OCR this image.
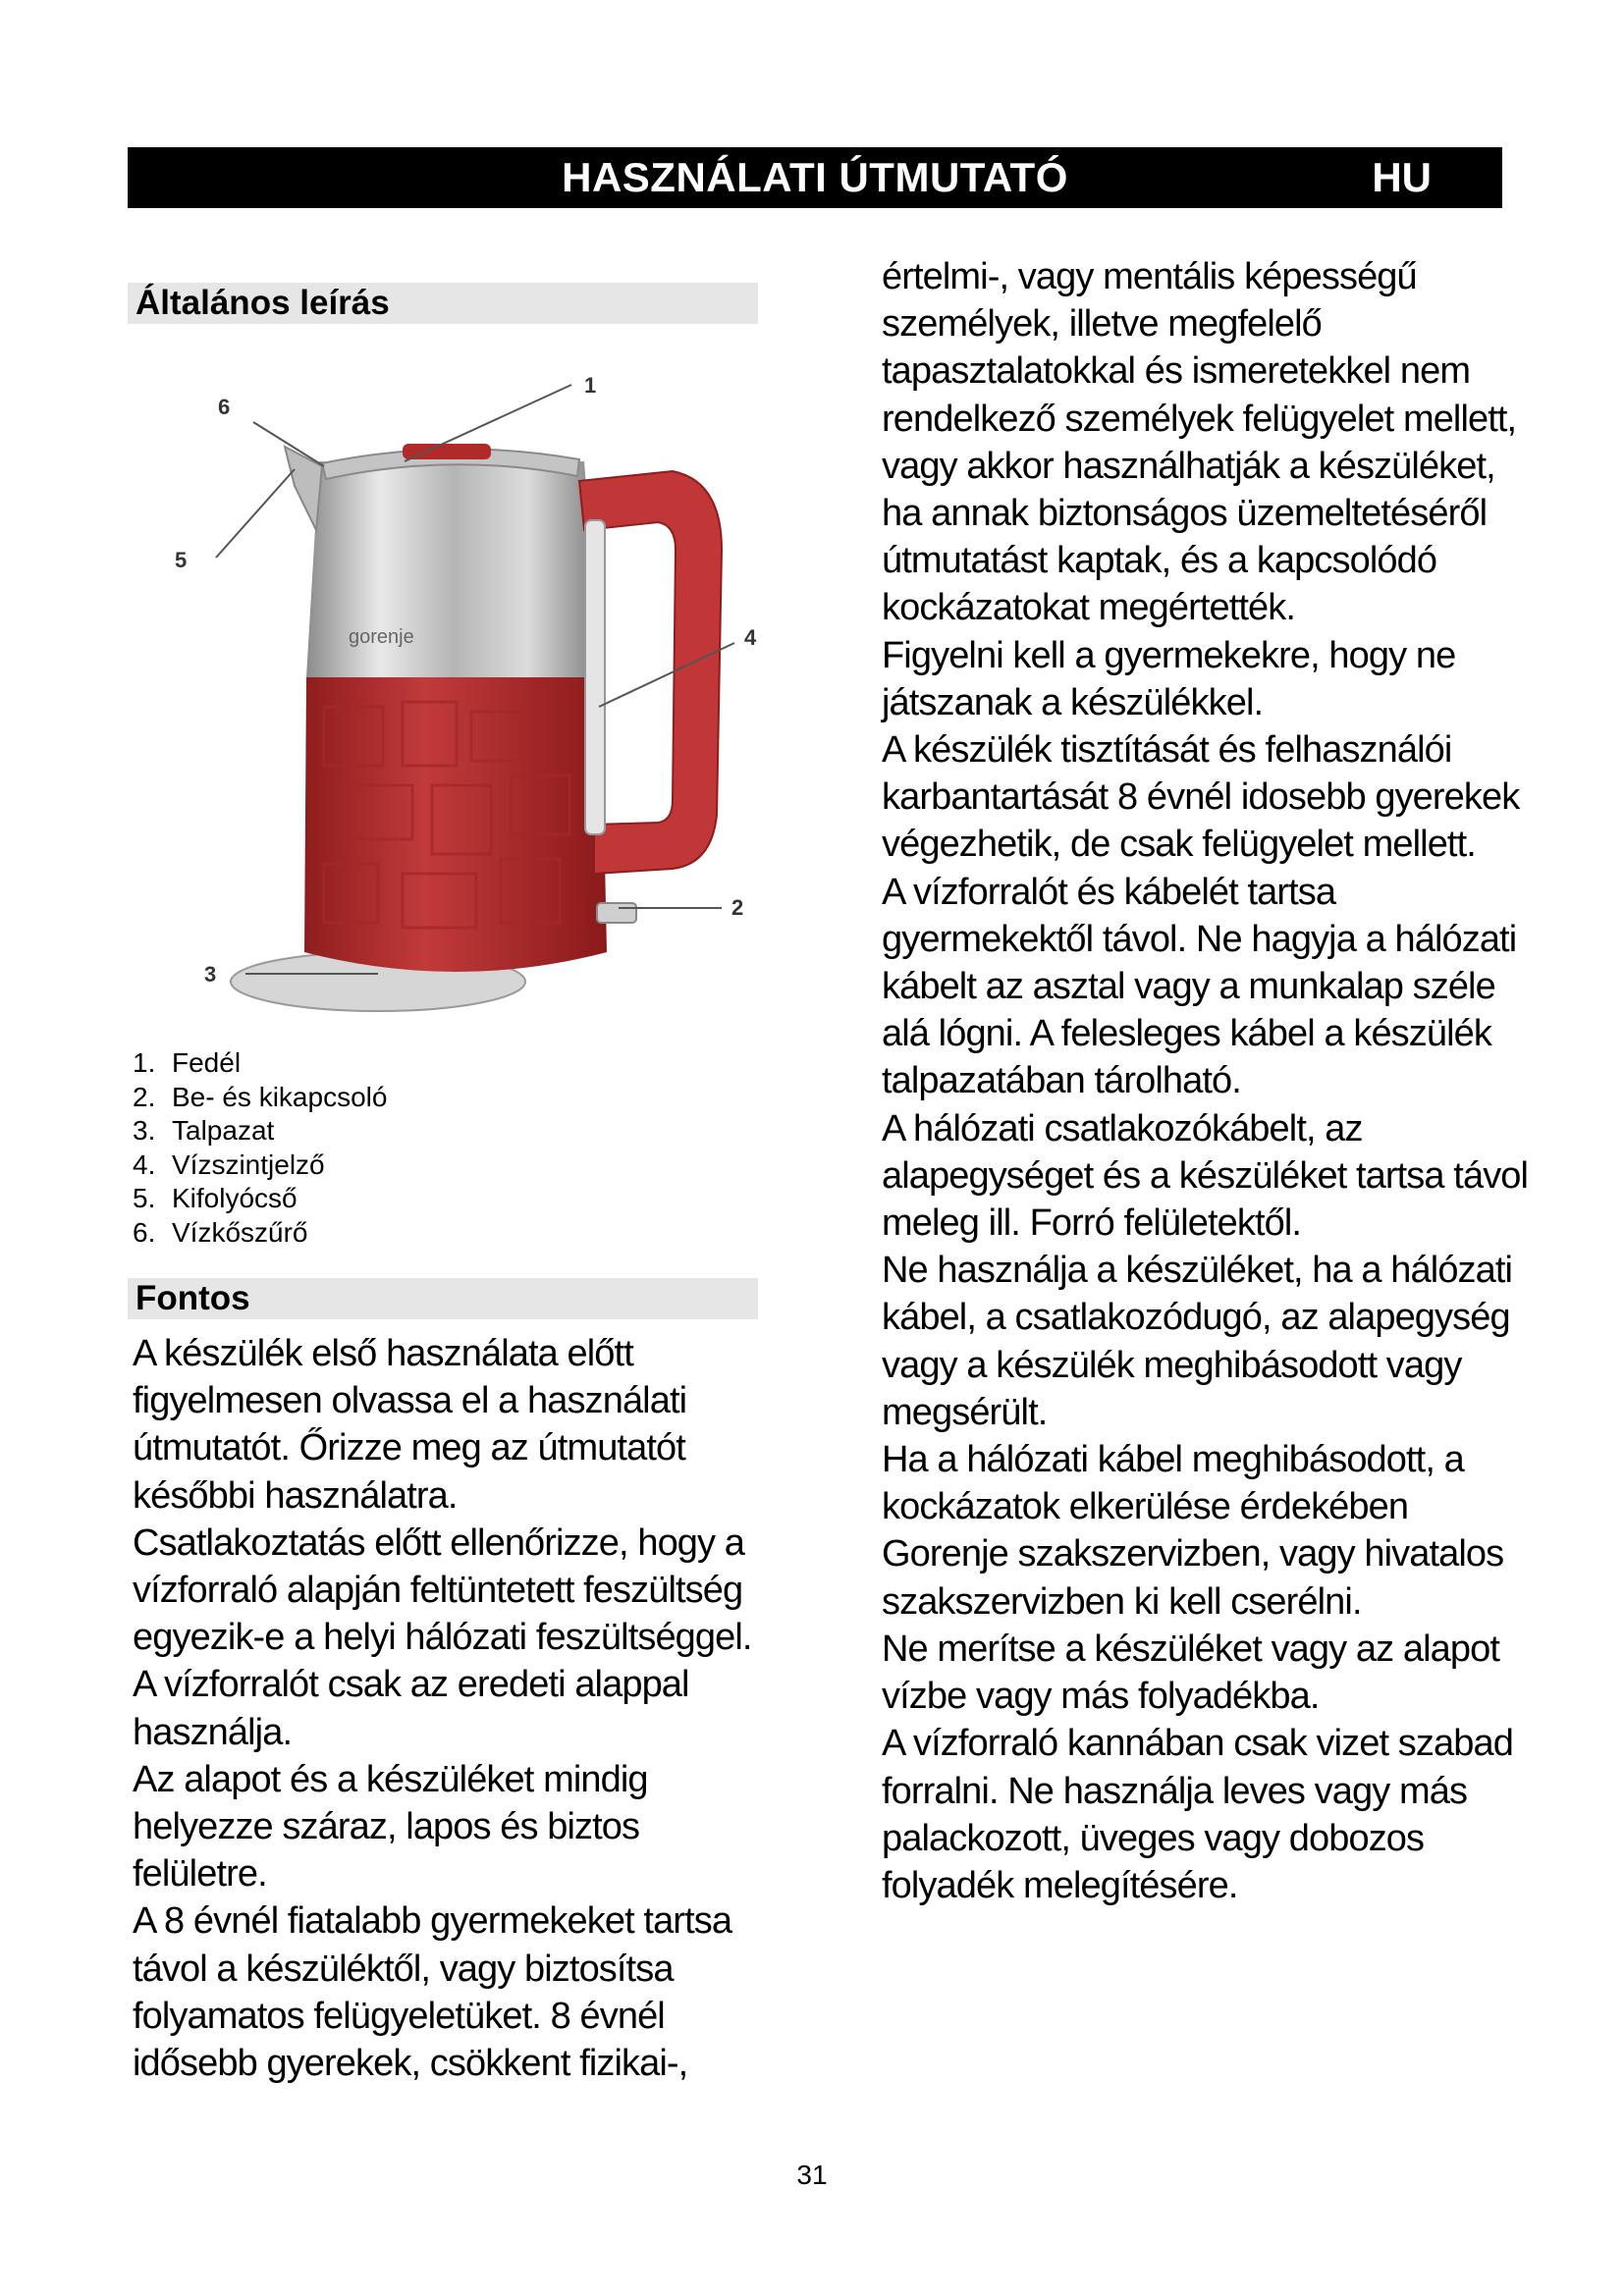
HASZNÁLATI ÚTMUTATÓ	HU
Általános leírás
gorenje
1
2
3
4
5
6
1. Fedél
2. Be- és kikapcsoló
3. Talpazat
4. Vízszintjelző
5. Kifolyócső
6. Vízkőszűrő
Fontos

A készülék első használata előtt figyelmesen olvassa el a használati útmutatót. Őrizze meg az útmutatót későbbi használatra.

Csatlakoztatás előtt ellenőrizze, hogy a vízforraló alapján feltüntetett feszültség egyezik-e a helyi hálózati feszültséggel.

A vízforralót csak az eredeti alappal használja.

Az alapot és a készüléket mindig helyezze száraz, lapos és biztos felületre.

A 8 évnél fiatalabb gyermekeket tartsa távol a készüléktől, vagy biztosítsa folyamatos felügyeletüket. 8 évnél idősebb gyerekek, csökkent fizikai-,

értelmi-, vagy mentális képességű személyek, illetve megfelelő tapasztalatokkal és ismeretekkel nem rendelkező személyek felügyelet mellett, vagy akkor használhatják a készüléket, ha annak biztonságos üzemeltetéséről útmutatást kaptak, és a kapcsolódó kockázatokat megértették.

Figyelni kell a gyermekekre, hogy ne játszanak a készülékkel.

A készülék tisztítását és felhasználói karbantartását 8 évnél idosebb gyerekek végezhetik, de csak felügyelet mellett.

A vízforralót és kábelét tartsa gyermekektől távol. Ne hagyja a hálózati kábelt az asztal vagy a munkalap széle alá lógni. A felesleges kábel a készülék talpazatában tárolható.

A hálózati csatlakozókábelt, az alapegységet és a készüléket tartsa távol meleg ill. Forró felületektől.

Ne használja a készüléket, ha a hálózati kábel, a csatlakozódugó, az alapegység vagy a készülék meghibásodott vagy megsérült.

Ha a hálózati kábel meghibásodott, a kockázatok elkerülése érdekében Gorenje szakszervizben, vagy hivatalos szakszervizben ki kell cserélni.

Ne merítse a készüléket vagy az alapot vízbe vagy más folyadékba.

A vízforraló kannában csak vizet szabad forralni. Ne használja leves vagy más palackozott, üveges vagy dobozos folyadék melegítésére.

31
